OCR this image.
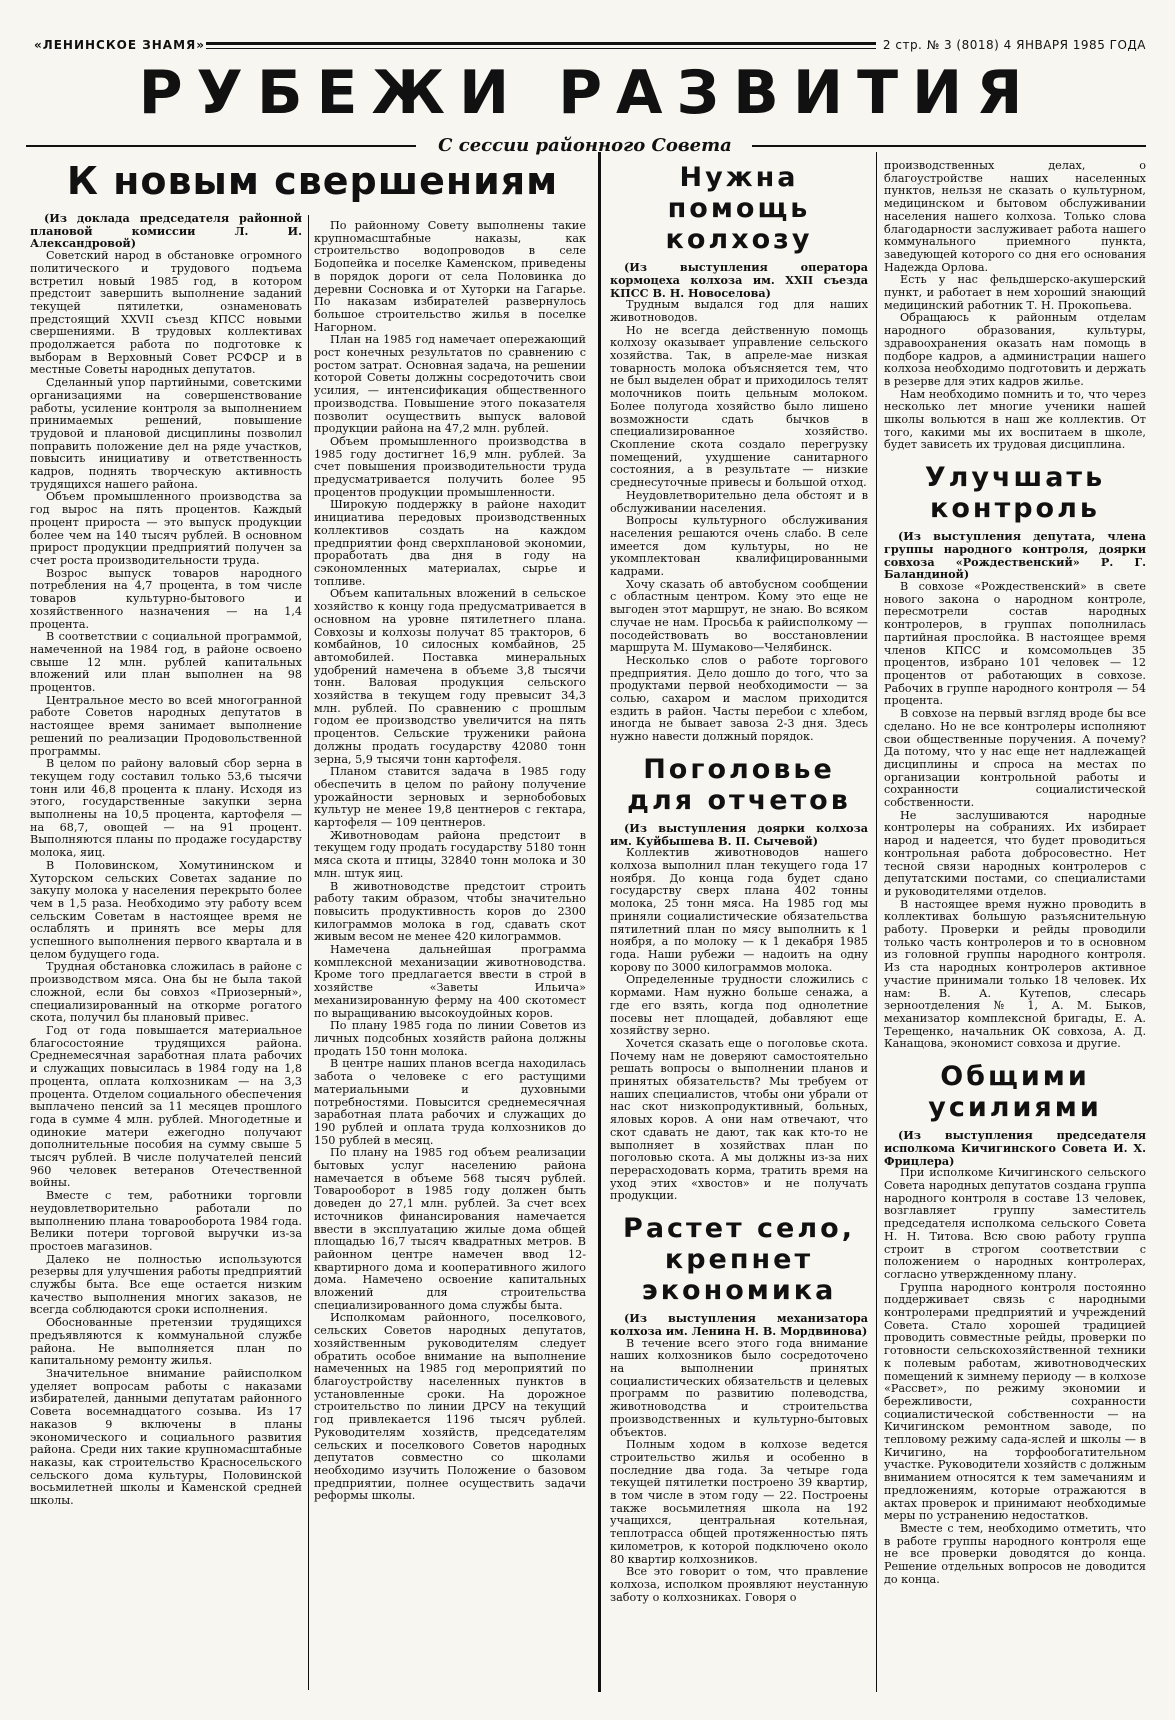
«ЛЕНИНСКОЕ ЗНАМЯ»	2 стр. № 3 (8018) 4 ЯНВАРЯ 1985 ГОДА
РУБЕЖИ РАЗВИТИЯ
С сессии районного Совета
К новым свершениям

(Из доклада председателя районной плановой комиссии Л. И. Александровой)

Советский народ в обстановке огромного политического и трудового подъема встретил новый 1985 год, в котором предстоит завершить выполнение заданий текущей пятилетки, ознаменовать предстоящий XXVII съезд КПСС новыми свершениями. В трудовых коллективах продолжается работа по подготовке к выборам в Верховный Совет РСФСР и в местные Советы народных депутатов.

Сделанный упор партийными, советскими организациями на совершенствование работы, усиление контроля за выполнением принимаемых решений, повышение трудовой и плановой дисциплины позволил поправить положение дел на ряде участков, повысить инициативу и ответственность кадров, поднять творческую активность трудящихся нашего района.

Объем промышленного производства за год вырос на пять процентов. Каждый процент прироста — это выпуск продукции более чем на 140 тысяч рублей. В основном прирост продукции предприятий получен за счет роста производительности труда.

Возрос выпуск товаров народного потребления на 4,7 процента, в том числе товаров культурно-бытового и хозяйственного назначения — на 1,4 процента.

В соответствии с социальной программой, намеченной на 1984 год, в районе освоено свыше 12 млн. рублей капитальных вложений или план выполнен на 98 процентов.

Центральное место во всей многогранной работе Советов народных депутатов в настоящее время занимает выполнение решений по реализации Продовольственной программы.

В целом по району валовый сбор зерна в текущем году составил только 53,6 тысячи тонн или 46,8 процента к плану. Исходя из этого, государственные закупки зерна выполнены на 10,5 процента, картофеля — на 68,7, овощей — на 91 процент. Выполняются планы по продаже государству молока, яиц.

В Половинском, Хомутининском и Хуторском сельских Советах задание по закупу молока у населения перекрыто более чем в 1,5 раза. Необходимо эту работу всем сельским Советам в настоящее время не ослаблять и принять все меры для успешного выполнения первого квартала и в целом будущего года.

Трудная обстановка сложилась в районе с производством мяса. Она бы не была такой сложной, если бы совхоз «Приозерный», специализированный на откорме рогатого скота, получил бы плановый привес.

Год от года повышается материальное благосостояние трудящихся района. Среднемесячная заработная плата рабочих и служащих повысилась в 1984 году на 1,8 процента, оплата колхозникам — на 3,3 процента. Отделом социального обеспечения выплачено пенсий за 11 месяцев прошлого года в сумме 4 млн. рублей. Многодетные и одинокие матери ежегодно получают дополнительные пособия на сумму свыше 5 тысяч рублей. В числе получателей пенсий 960 человек ветеранов Отечественной войны.

Вместе с тем, работники торговли неудовлетворительно работали по выполнению плана товарооборота 1984 года. Велики потери торговой выручки из-за простоев магазинов.

Далеко не полностью используются резервы для улучшения работы предприятий службы быта. Все еще остается низким качество выполнения многих заказов, не всегда соблюдаются сроки исполнения.

Обоснованные претензии трудящихся предъявляются к коммунальной службе района. Не выполняется план по капитальному ремонту жилья.

Значительное внимание райисполком уделяет вопросам работы с наказами избирателей, данными депутатам районного Совета восемнадцатого созыва. Из 17 наказов 9 включены в планы экономического и социального развития района. Среди них такие крупномасштабные наказы, как строительство Красносельского сельского дома культуры, Половинской восьмилетней школы и Каменской средней школы.

По районному Совету выполнены такие крупномасштабные наказы, как строительство водопроводов в селе Бодопейка и поселке Каменском, приведены в порядок дороги от села Половинка до деревни Сосновка и от Хуторки на Гагарье. По наказам избирателей развернулось большое строительство жилья в поселке Нагорном.

План на 1985 год намечает опережающий рост конечных результатов по сравнению с ростом затрат. Основная задача, на решении которой Советы должны сосредоточить свои усилия, — интенсификация общественного производства. Повышение этого показателя позволит осуществить выпуск валовой продукции района на 47,2 млн. рублей.

Объем промышленного производства в 1985 году достигнет 16,9 млн. рублей. За счет повышения производительности труда предусматривается получить более 95 процентов продукции промышленности.

Широкую поддержку в районе находит инициатива передовых производственных коллективов создать на каждом предприятии фонд сверхплановой экономии, проработать два дня в году на сэкономленных материалах, сырье и топливе.

Объем капитальных вложений в сельское хозяйство к концу года предусматривается в основном на уровне пятилетнего плана. Совхозы и колхозы получат 85 тракторов, 6 комбайнов, 10 силосных комбайнов, 25 автомобилей. Поставка минеральных удобрений намечена в объеме 3,8 тысячи тонн. Валовая продукция сельского хозяйства в текущем году превысит 34,3 млн. рублей. По сравнению с прошлым годом ее производство увеличится на пять процентов. Сельские труженики района должны продать государству 42080 тонн зерна, 5,9 тысячи тонн картофеля.

Планом ставится задача в 1985 году обеспечить в целом по району получение урожайности зерновых и зернобобовых культур не менее 19,8 центнеров с гектара, картофеля — 109 центнеров.

Животноводам района предстоит в текущем году продать государству 5180 тонн мяса скота и птицы, 32840 тонн молока и 30 млн. штук яиц.

В животноводстве предстоит строить работу таким образом, чтобы значительно повысить продуктивность коров до 2300 килограммов молока в год, сдавать скот живым весом не менее 420 килограммов.

Намечена дальнейшая программа комплексной механизации животноводства. Кроме того предлагается ввести в строй в хозяйстве «Заветы Ильича» механизированную ферму на 400 скотомест по выращиванию высокоудойных коров.

По плану 1985 года по линии Советов из личных подсобных хозяйств района должны продать 150 тонн молока.

В центре наших планов всегда находилась забота о человеке с его растущими материальными и духовными потребностями. Повысится среднемесячная заработная плата рабочих и служащих до 190 рублей и оплата труда колхозников до 150 рублей в месяц.

По плану на 1985 год объем реализации бытовых услуг населению района намечается в объеме 568 тысяч рублей. Товарооборот в 1985 году должен быть доведен до 27,1 млн. рублей. За счет всех источников финансирования намечается ввести в эксплуатацию жилые дома общей площадью 16,7 тысяч квадратных метров. В районном центре намечен ввод 12-квартирного дома и кооперативного жилого дома. Намечено освоение капитальных вложений для строительства специализированного дома службы быта.

Исполкомам районного, поселкового, сельских Советов народных депутатов, хозяйственным руководителям следует обратить особое внимание на выполнение намеченных на 1985 год мероприятий по благоустройству населенных пунктов в установленные сроки. На дорожное строительство по линии ДРСУ на текущий год привлекается 1196 тысяч рублей. Руководителям хозяйств, председателям сельских и поселкового Советов народных депутатов совместно со школами необходимо изучить Положение о базовом предприятии, полнее осуществить задачи реформы школы.

Нужна помощь
колхозу

(Из выступления оператора кормоцеха колхоза им. XXII съезда КПСС В. Н. Новоселова)

Трудным выдался год для наших животноводов.

Но не всегда действенную помощь колхозу оказывает управление сельского хозяйства. Так, в апреле-мае низкая товарность молока объясняется тем, что не был выделен обрат и приходилось телят молочников поить цельным молоком. Более полугода хозяйство было лишено возможности сдать бычков в специализированное хозяйство. Скопление скота создало перегрузку помещений, ухудшение санитарного состояния, а в результате — низкие среднесуточные привесы и большой отход.

Неудовлетворительно дела обстоят и в обслуживании населения.

Вопросы культурного обслуживания населения решаются очень слабо. В селе имеется дом культуры, но не укомплектован квалифицированными кадрами.

Хочу сказать об автобусном сообщении с областным центром. Кому это еще не выгоден этот маршрут, не знаю. Во всяком случае не нам. Просьба к райисполкому — посодействовать во восстановлении маршрута М. Шумаково—Челябинск.

Несколько слов о работе торгового предприятия. Дело дошло до того, что за продуктами первой необходимости — за солью, сахаром и маслом приходится ездить в район. Часты перебои с хлебом, иногда не бывает завоза 2-3 дня. Здесь нужно навести должный порядок.

Поголовье
для отчетов

(Из выступления доярки колхоза им. Куйбышева В. П. Сычевой)

Коллектив животноводов нашего колхоза выполнил план текущего года 17 ноября. До конца года будет сдано государству сверх плана 402 тонны молока, 25 тонн мяса. На 1985 год мы приняли социалистические обязательства пятилетний план по мясу выполнить к 1 ноября, а по молоку — к 1 декабря 1985 года. Наши рубежи — надоить на одну корову по 3000 килограммов молока.

Определенные трудности сложились с кормами. Нам нужно больше сенажа, а где его взять, когда под однолетние посевы нет площадей, добавляют еще хозяйству зерно.

Хочется сказать еще о поголовье скота. Почему нам не доверяют самостоятельно решать вопросы о выполнении планов и принятых обязательств? Мы требуем от наших специалистов, чтобы они убрали от нас скот низкопродуктивный, больных, яловых коров. А они нам отвечают, что скот сдавать не дают, так как кто-то не выполняет в хозяйствах план по поголовью скота. А мы должны из-за них перерасходовать корма, тратить время на уход этих «хвостов» и не получать продукции.

Растет село,
крепнет
экономика

(Из выступления механизатора колхоза им. Ленина Н. В. Мордвинова)

В течение всего этого года внимание наших колхозников было сосредоточено на выполнении принятых социалистических обязательств и целевых программ по развитию полеводства, животноводства и строительства производственных и культурно-бытовых объектов.

Полным ходом в колхозе ведется строительство жилья и особенно в последние два года. За четыре года текущей пятилетки построено 39 квартир, в том числе в этом году — 22. Построены также восьмилетняя школа на 192 учащихся, центральная котельная, теплотрасса общей протяженностью пять километров, к которой подключено около 80 квартир колхозников.

Все это говорит о том, что правление колхоза, исполком проявляют неустанную заботу о колхозниках. Говоря о

производственных делах, о благоустройстве наших населенных пунктов, нельзя не сказать о культурном, медицинском и бытовом обслуживании населения нашего колхоза. Только слова благодарности заслуживает работа нашего коммунального приемного пункта, заведующей которого со дня его основания Надежда Орлова.

Есть у нас фельдшерско-акушерский пункт, и работает в нем хороший знающий медицинский работник Т. Н. Прокопьева.

Обращаюсь к районным отделам народного образования, культуры, здравоохранения оказать нам помощь в подборе кадров, а администрации нашего колхоза необходимо подготовить и держать в резерве для этих кадров жилье.

Нам необходимо помнить и то, что через несколько лет многие ученики нашей школы вольются в наш же коллектив. От того, какими мы их воспитаем в школе, будет зависеть их трудовая дисциплина.

Улучшать
контроль

(Из выступления депутата, члена группы народного контроля, доярки совхоза «Рождественский» Р. Г. Баландиной)

В совхозе «Рождественский» в свете нового закона о народном контроле, пересмотрели состав народных контролеров, в группах пополнилась партийная прослойка. В настоящее время членов КПСС и комсомольцев 35 процентов, избрано 101 человек — 12 процентов от работающих в совхозе. Рабочих в группе народного контроля — 54 процента.

В совхозе на первый взгляд вроде бы все сделано. Но не все контролеры исполняют свои общественные поручения. А почему? Да потому, что у нас еще нет надлежащей дисциплины и спроса на местах по организации контрольной работы и сохранности социалистической собственности.

Не заслушиваются народные контролеры на собраниях. Их избирает народ и надеется, что будет проводиться контрольная работа добросовестно. Нет тесной связи народных контролеров с депутатскими постами, со специалистами и руководителями отделов.

В настоящее время нужно проводить в коллективах большую разъяснительную работу. Проверки и рейды проводили только часть контролеров и то в основном из головной группы народного контроля. Из ста народных контролеров активное участие принимали только 18 человек. Их нам: В. А. Кутепов, слесарь зерноотделения № 1, А. М. Быков, механизатор комплексной бригады, Е. А. Терещенко, начальник ОК совхоза, А. Д. Канащова, экономист совхоза и другие.

Общими
усилиями

(Из выступления председателя исполкома Кичигинского Совета И. Х. Фрицлера)

При исполкоме Кичигинского сельского Совета народных депутатов создана группа народного контроля в составе 13 человек, возглавляет группу заместитель председателя исполкома сельского Совета Н. Н. Титова. Всю свою работу группа строит в строгом соответствии с положением о народных контролерах, согласно утвержденному плану.

Группа народного контроля постоянно поддерживает связь с народными контролерами предприятий и учреждений Совета. Стало хорошей традицией проводить совместные рейды, проверки по готовности сельскохозяйственной техники к полевым работам, животноводческих помещений к зимнему периоду — в колхозе «Рассвет», по режиму экономии и бережливости, сохранности социалистической собственности — на Кичигинском ремонтном заводе, по тепловому режиму сада-яслей и школы — в Кичигино, на торфообогатительном участке. Руководители хозяйств с должным вниманием относятся к тем замечаниям и предложениям, которые отражаются в актах проверок и принимают необходимые меры по устранению недостатков.

Вместе с тем, необходимо отметить, что в работе группы народного контроля еще не все проверки доводятся до конца. Решение отдельных вопросов не доводится до конца.
